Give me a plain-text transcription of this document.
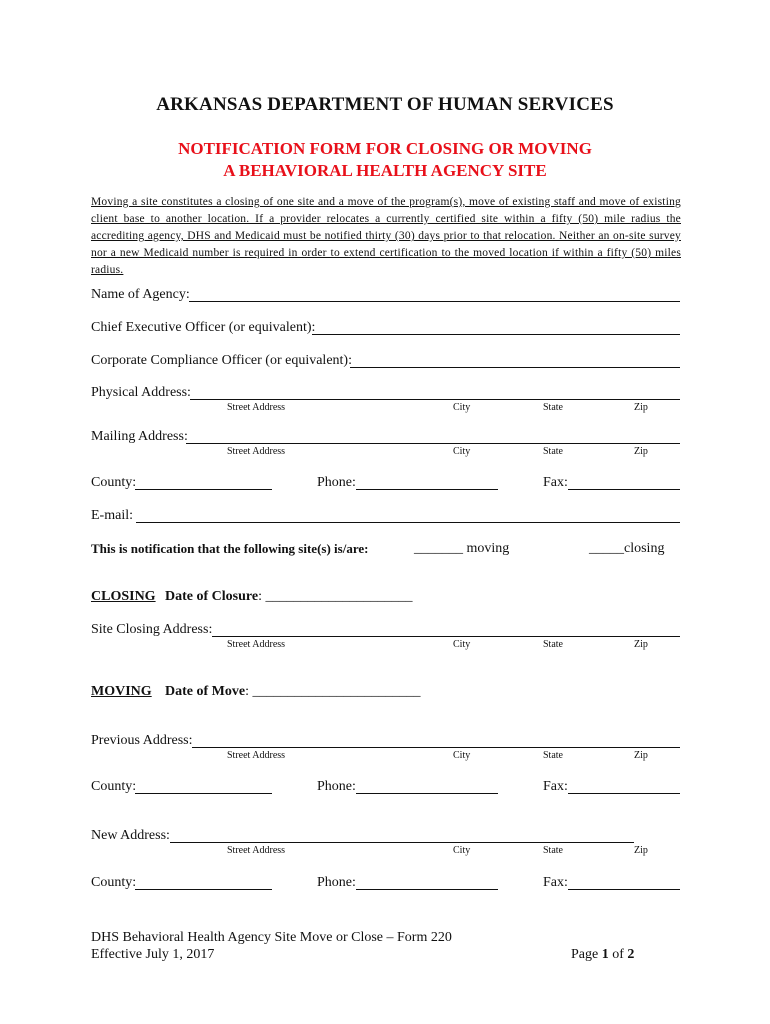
ARKANSAS DEPARTMENT OF HUMAN SERVICES
NOTIFICATION FORM FOR CLOSING OR MOVING
A BEHAVIORAL HEALTH AGENCY SITE
Moving a site constitutes a closing of one site and a move of the program(s), move of existing staff and move of existing client base to another location. If a provider relocates a currently certified site within a fifty (50) mile radius the accrediting agency, DHS and Medicaid must be notified thirty (30) days prior to that relocation. Neither an on-site survey nor a new Medicaid number is required in order to extend certification to the moved location if within a fifty (50) miles radius.
Name of Agency:
Chief Executive Officer (or equivalent):
Corporate Compliance Officer (or equivalent):
Physical Address:
Street Address	City	State	Zip
Mailing Address:
Street Address	City	State	Zip
County:	Phone:	Fax:
E-mail:
This is notification that the following site(s) is/are:	_______ moving	_____closing
CLOSING Date of Closure: _____________________
Site Closing Address:
Street Address	City	State	Zip
MOVING Date of Move: ________________________
Previous Address:
Street Address	City	State	Zip
County:	Phone:	Fax:
New Address:
Street Address	City	State	Zip
County:	Phone:	Fax:
DHS Behavioral Health Agency Site Move or Close – Form 220
Effective July 1, 2017	Page 1 of 2
